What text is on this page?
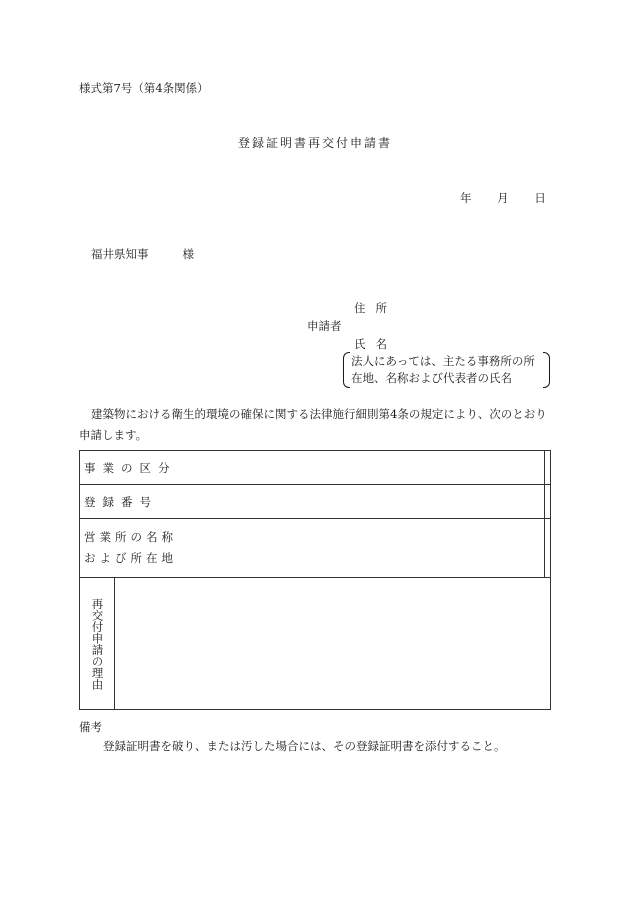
様式第7号（第4条関係）
登録証明書再交付申請書
年 月 日
福井県知事	様
住所
申請者
氏名
法人にあっては、主たる事務所の所
在地、名称および代表者の氏名
建築物における衛生的環境の確保に関する法律施行細則第4条の規定により、次のとおり
申請します。
事業の区分		
登録番号		

営業所の名称
および所在地		

再交付申請の理由		

備考
登録証明書を破り、または汚した場合には、その登録証明書を添付すること。
